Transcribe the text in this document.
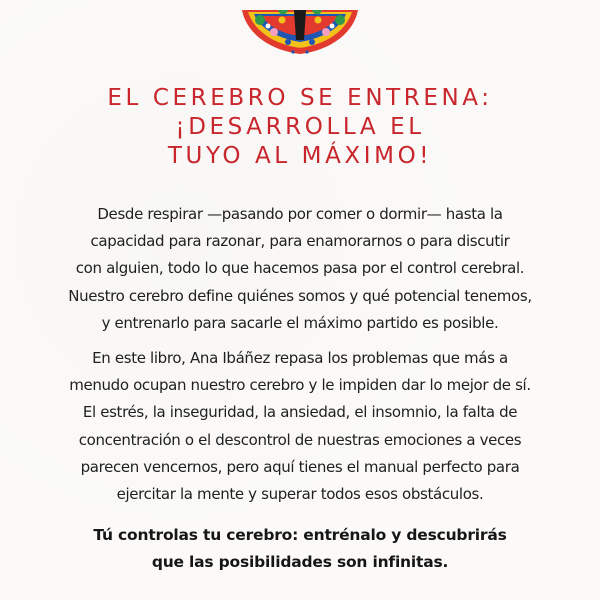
EL CEREBRO SE ENTRENA:
¡DESARROLLA EL
TUYO AL MÁXIMO!

Desde respirar —pasando por comer o dormir— hasta la
capacidad para razonar, para enamorarnos o para discutir
con alguien, todo lo que hacemos pasa por el control cerebral.
Nuestro cerebro define quiénes somos y qué potencial tenemos,
y entrenarlo para sacarle el máximo partido es posible.

En este libro, Ana Ibáñez repasa los problemas que más a
menudo ocupan nuestro cerebro y le impiden dar lo mejor de sí.
El estrés, la inseguridad, la ansiedad, el insomnio, la falta de
concentración o el descontrol de nuestras emociones a veces
parecen vencernos, pero aquí tienes el manual perfecto para
ejercitar la mente y superar todos esos obstáculos.

Tú controlas tu cerebro: entrénalo y descubrirás
que las posibilidades son infinitas.
